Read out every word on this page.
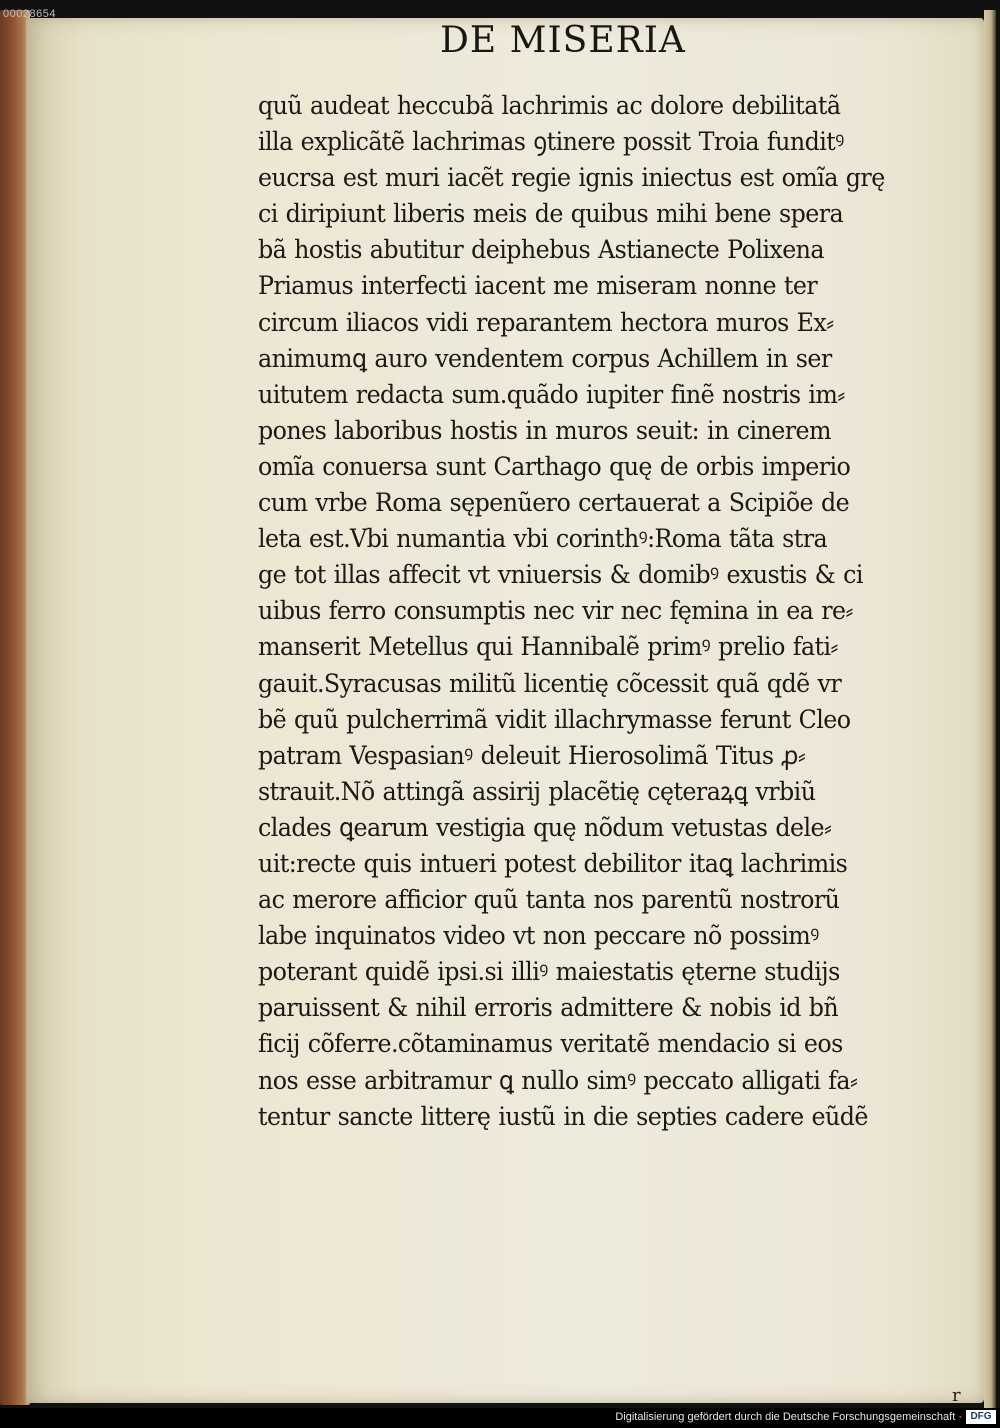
00028654
DE MISERIA
quũ audeat heccubã lachrimis ac dolore debilitatã
illa explicãtẽ lachrimas ꝯtinere possit Troia funditꝰ
eucrsa est muri iacẽt regie ignis iniectus est omĩa grę
ci diripiunt liberis meis de quibus mihi bene spera
bã hostis abutitur deiphebus Astianecte Polixena
Priamus interfecti iacent me miseram nonne ter
circum iliacos vidi reparantem hectora muros Ex⸗
animumꝗ auro vendentem corpus Achillem in ser
uitutem redacta sum.quãdo iupiter finẽ nostris im⸗
pones laboribus hostis in muros seuit: in cinerem
omĩa conuersa sunt Carthago quę de orbis imperio
cum vrbe Roma sępenũero certauerat a Scipiõe de
leta est.Vbi numantia vbi corinthꝰ:Roma tãta stra
ge tot illas affecit vt vniuersis & domibꝰ exustis & ci
uibus ferro consumptis nec vir nec fęmina in ea re⸗
manserit Metellus qui Hannibalẽ primꝰ prelio fati⸗
gauit.Syracusas militũ licentię cõcessit quã qdẽ vr
bẽ quũ pulcherrimã vidit illachrymasse ferunt Cleo
patram Vespasianꝰ deleuit Hierosolimã Titus ꝓ⸗
strauit.Nõ attingã assirij placẽtię cęteraꝝꝗ vrbiũ
clades ꝗearum vestigia quę nõdum vetustas dele⸗
uit:recte quis intueri potest debilitor itaꝗ lachrimis
ac merore afficior quũ tanta nos parentũ nostrorũ
labe inquinatos video vt non peccare nõ possimꝰ
poterant quidẽ ipsi.si illiꝰ maiestatis ęterne studijs
paruissent & nihil erroris admittere & nobis id bñ
ficij cõferre.cõtaminamus veritatẽ mendacio si eos
nos esse arbitramur ꝗ nullo simꝰ peccato alligati fa⸗
tentur sancte litterę iustũ in die septies cadere eũdẽ
r
Digitalisierung gefördert durch die Deutsche Forschungsgemeinschaft · DFG
